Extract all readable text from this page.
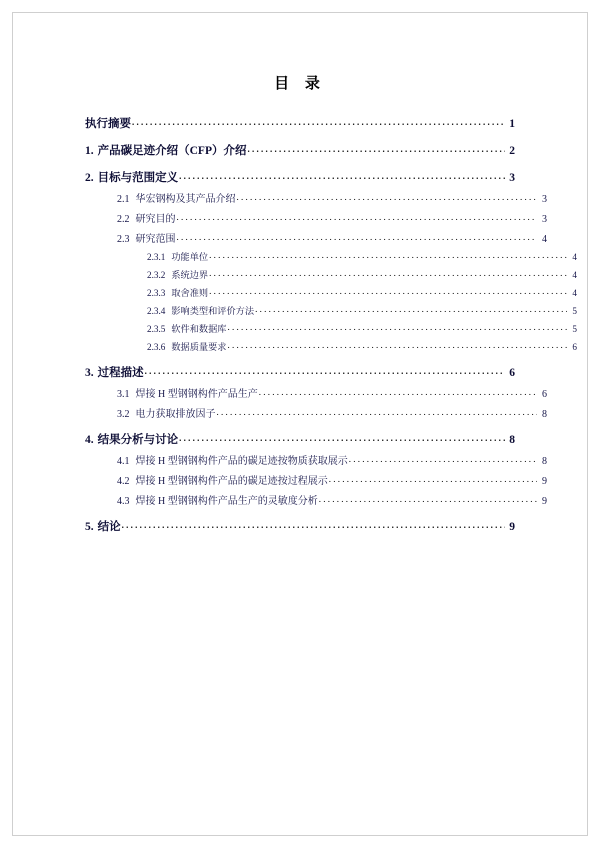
目 录
执行摘要 . . .	1
1. 产品碳足迹介绍（CFP）介绍 . . .	2
2. 目标与范围定义 . . .	3
2.1 华宏钢构及其产品介绍 . . .	3
2.2 研究目的 . . .	3
2.3 研究范围 . . .	4
2.3.1 功能单位 . . .	4
2.3.2 系统边界 . . .	4
2.3.3 取舍准则 . . .	4
2.3.4 影响类型和评价方法 . . .	5
2.3.5 软件和数据库 . . .	5
2.3.6 数据质量要求 . . .	6
3. 过程描述 . . .	6
3.1 焊接 H 型钢钢构件产品生产 . . .	6
3.2 电力获取排放因子 . . .	8
4. 结果分析与讨论 . . .	8
4.1 焊接 H 型钢钢构件产品的碳足迹按物质获取展示 . . .	8
4.2 焊接 H 型钢钢构件产品的碳足迹按过程展示 . . .	9
4.3 焊接 H 型钢钢构件产品生产的灵敏度分析 . . .	9
5. 结论 . . .	9
